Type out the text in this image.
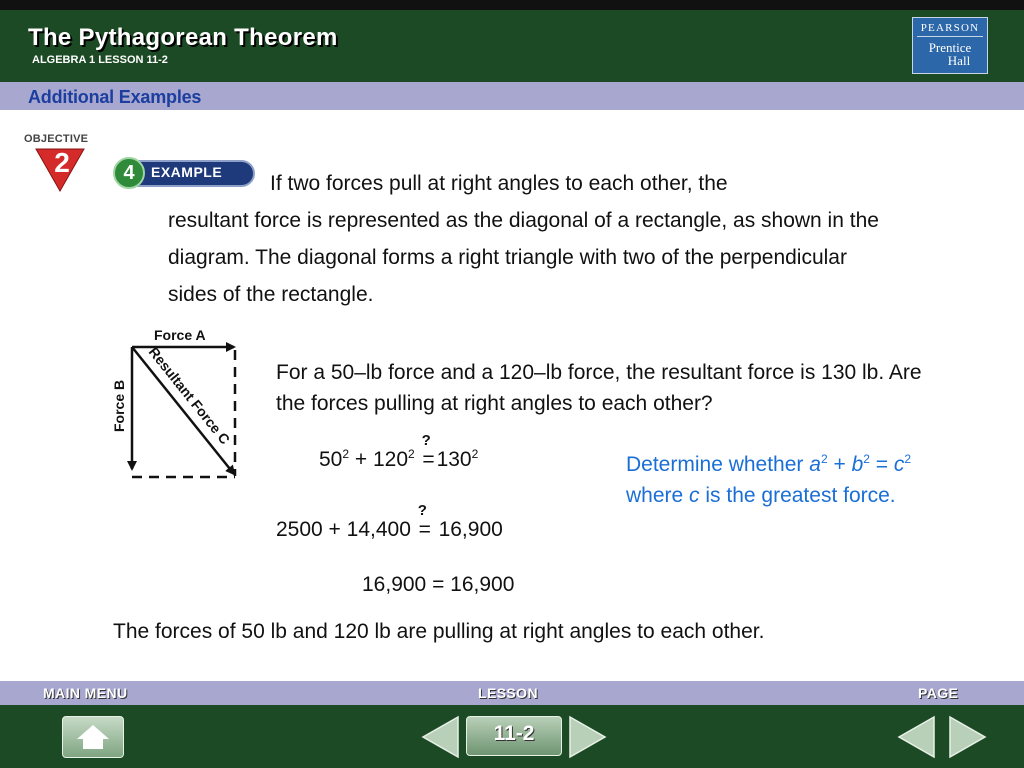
The Pythagorean Theorem
ALGEBRA 1 LESSON 11-2
PEARSON
Prentice
Hall
Additional Examples
OBJECTIVE
2	4	EXAMPLE	If two forces pull at right angles to each other, the
resultant force is represented as the diagonal of a rectangle, as shown in the diagram. The diagonal forms a right triangle with two of the perpendicular sides of the rectangle.
Force A
Force B Resultant Force C For a 50–lb force and a 120–lb force, the resultant force is 130 lb. Are the forces pulling at right angles to each other?
$50^2 + 120^2$
?
$=130^2$
2500 + 14,400
?
= 16,900
16,900 = 16,900
Determine whether $a^2 + b^2 = c^2$
where c is the greatest force.
The forces of 50 lb and 120 lb are pulling at right angles to each other.
MAIN MENU	LESSON	PAGE
11-2
